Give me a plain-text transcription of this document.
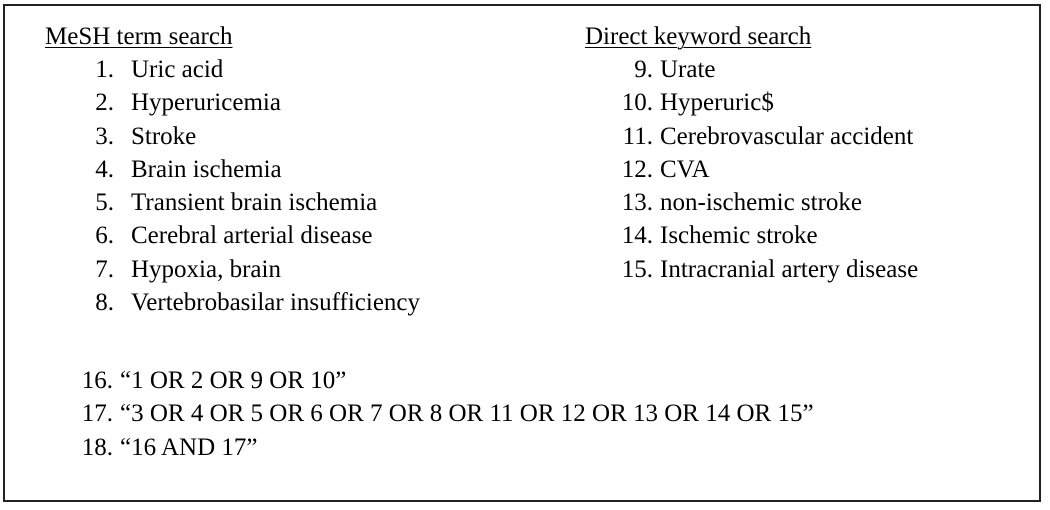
MeSH term search

1. Uric acid
2. Hyperuricemia
3. Stroke
4. Brain ischemia
5. Transient brain ischemia
6. Cerebral arterial disease
7. Hypoxia, brain
8. Vertebrobasilar insufficiency

Direct keyword search

9. Urate
10. Hyperuric$
11. Cerebrovascular accident
12. CVA
13. non-ischemic stroke
14. Ischemic stroke
15. Intracranial artery disease
16. “1 OR 2 OR 9 OR 10”
17. “3 OR 4 OR 5 OR 6 OR 7 OR 8 OR 11 OR 12 OR 13 OR 14 OR 15”
18. “16 AND 17”
